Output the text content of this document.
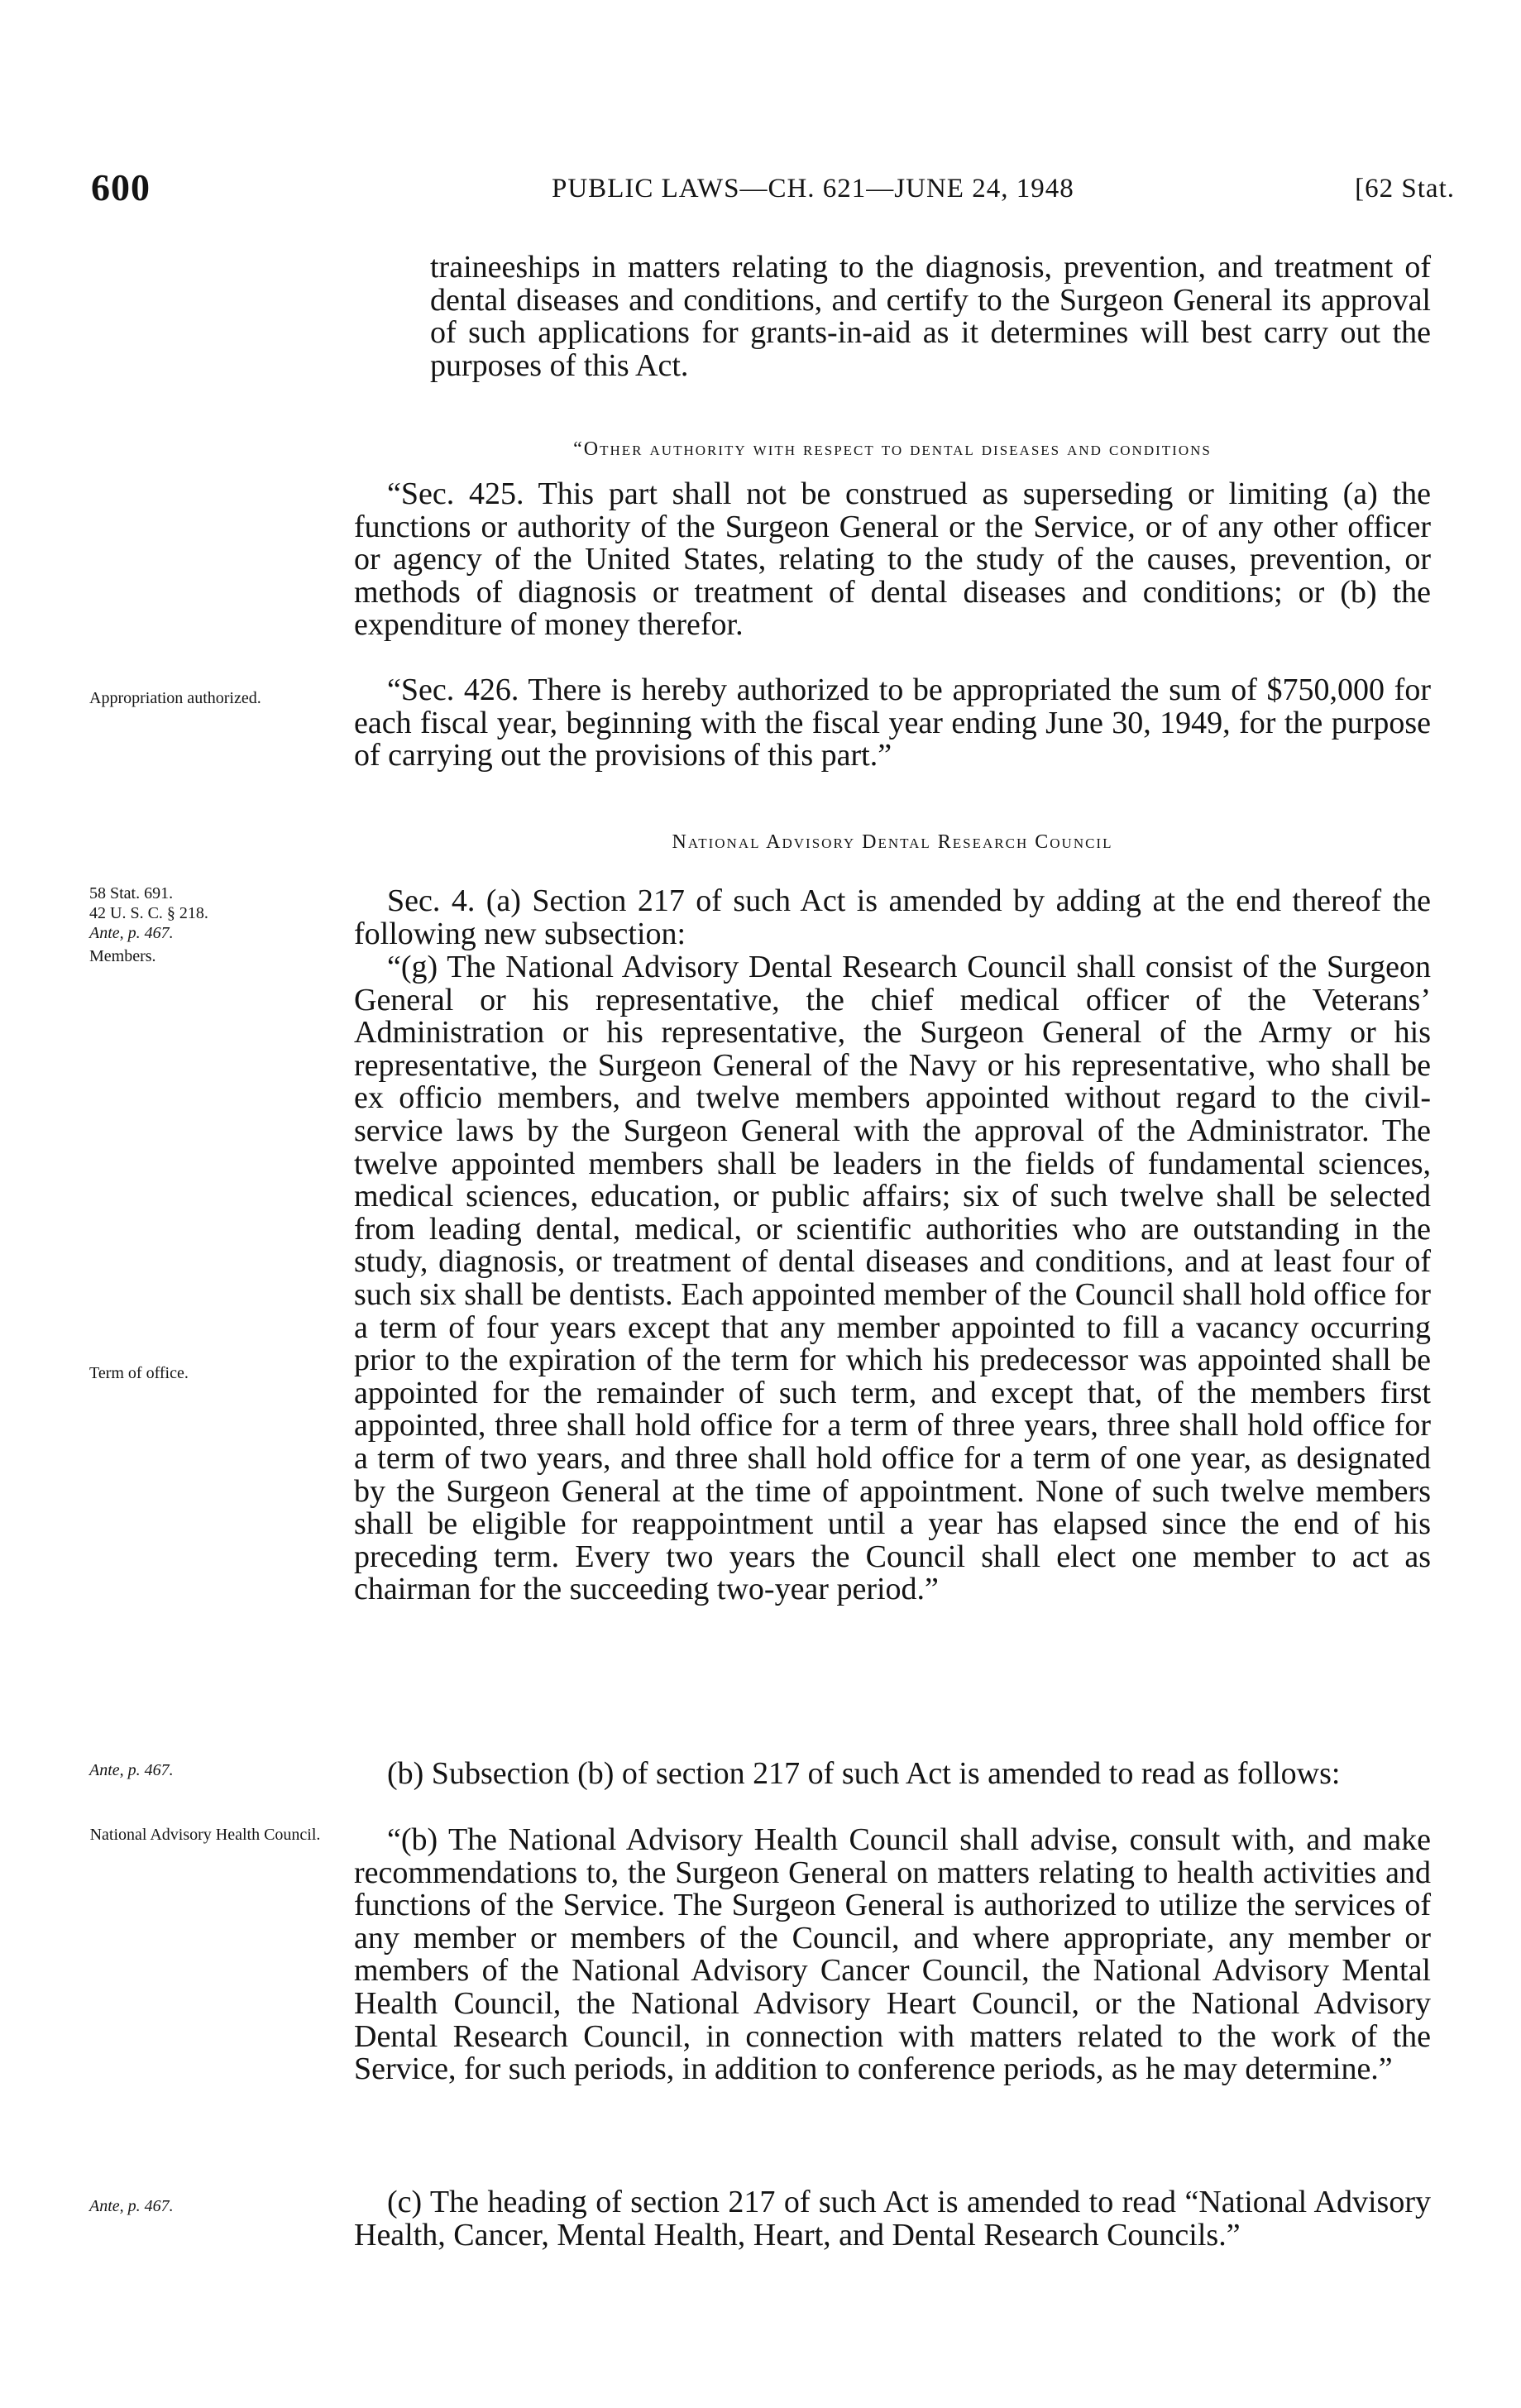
600	PUBLIC LAWS—CH. 621—JUNE 24, 1948	[62 Stat.
Appropriation authorized.
58 Stat. 691.
42 U. S. C. § 218.
Ante, p. 467.
Members.
Term of office.
Ante, p. 467.
National Advisory Health Council.
Ante, p. 467.

traineeships in matters relating to the diagnosis, prevention, and treatment of dental diseases and conditions, and certify to the Surgeon General its approval of such applications for grants-in-aid as it determines will best carry out the purposes of this Act.

“Other authority with respect to dental diseases and conditions

“Sec. 425. This part shall not be construed as superseding or limiting (a) the functions or authority of the Surgeon General or the Service, or of any other officer or agency of the United States, relating to the study of the causes, prevention, or methods of diagnosis or treatment of dental diseases and conditions; or (b) the expenditure of money therefor.

“Sec. 426. There is hereby authorized to be appropriated the sum of $750,000 for each fiscal year, beginning with the fiscal year ending June 30, 1949, for the purpose of carrying out the provisions of this part.”

National Advisory Dental Research Council

Sec. 4. (a) Section 217 of such Act is amended by adding at the end thereof the following new subsection:

“(g) The National Advisory Dental Research Council shall consist of the Surgeon General or his representative, the chief medical officer of the Veterans’ Administration or his representative, the Surgeon General of the Army or his representative, the Surgeon General of the Navy or his representative, who shall be ex officio members, and twelve members appointed without regard to the civil-service laws by the Surgeon General with the approval of the Administrator. The twelve appointed members shall be leaders in the fields of fundamental sciences, medical sciences, education, or public affairs; six of such twelve shall be selected from leading dental, medical, or scientific authorities who are outstanding in the study, diagnosis, or treatment of dental diseases and conditions, and at least four of such six shall be dentists. Each appointed member of the Council shall hold office for a term of four years except that any member appointed to fill a vacancy occurring prior to the expiration of the term for which his predecessor was appointed shall be appointed for the remainder of such term, and except that, of the members first appointed, three shall hold office for a term of three years, three shall hold office for a term of two years, and three shall hold office for a term of one year, as designated by the Surgeon General at the time of appointment. None of such twelve members shall be eligible for reappointment until a year has elapsed since the end of his preceding term. Every two years the Council shall elect one member to act as chairman for the succeeding two-year period.”

(b) Subsection (b) of section 217 of such Act is amended to read as follows:

“(b) The National Advisory Health Council shall advise, consult with, and make recommendations to, the Surgeon General on matters relating to health activities and functions of the Service. The Surgeon General is authorized to utilize the services of any member or members of the Council, and where appropriate, any member or members of the National Advisory Cancer Council, the National Advisory Mental Health Council, the National Advisory Heart Council, or the National Advisory Dental Research Council, in connection with matters related to the work of the Service, for such periods, in addition to conference periods, as he may determine.”

(c) The heading of section 217 of such Act is amended to read “National Advisory Health, Cancer, Mental Health, Heart, and Dental Research Councils.”
